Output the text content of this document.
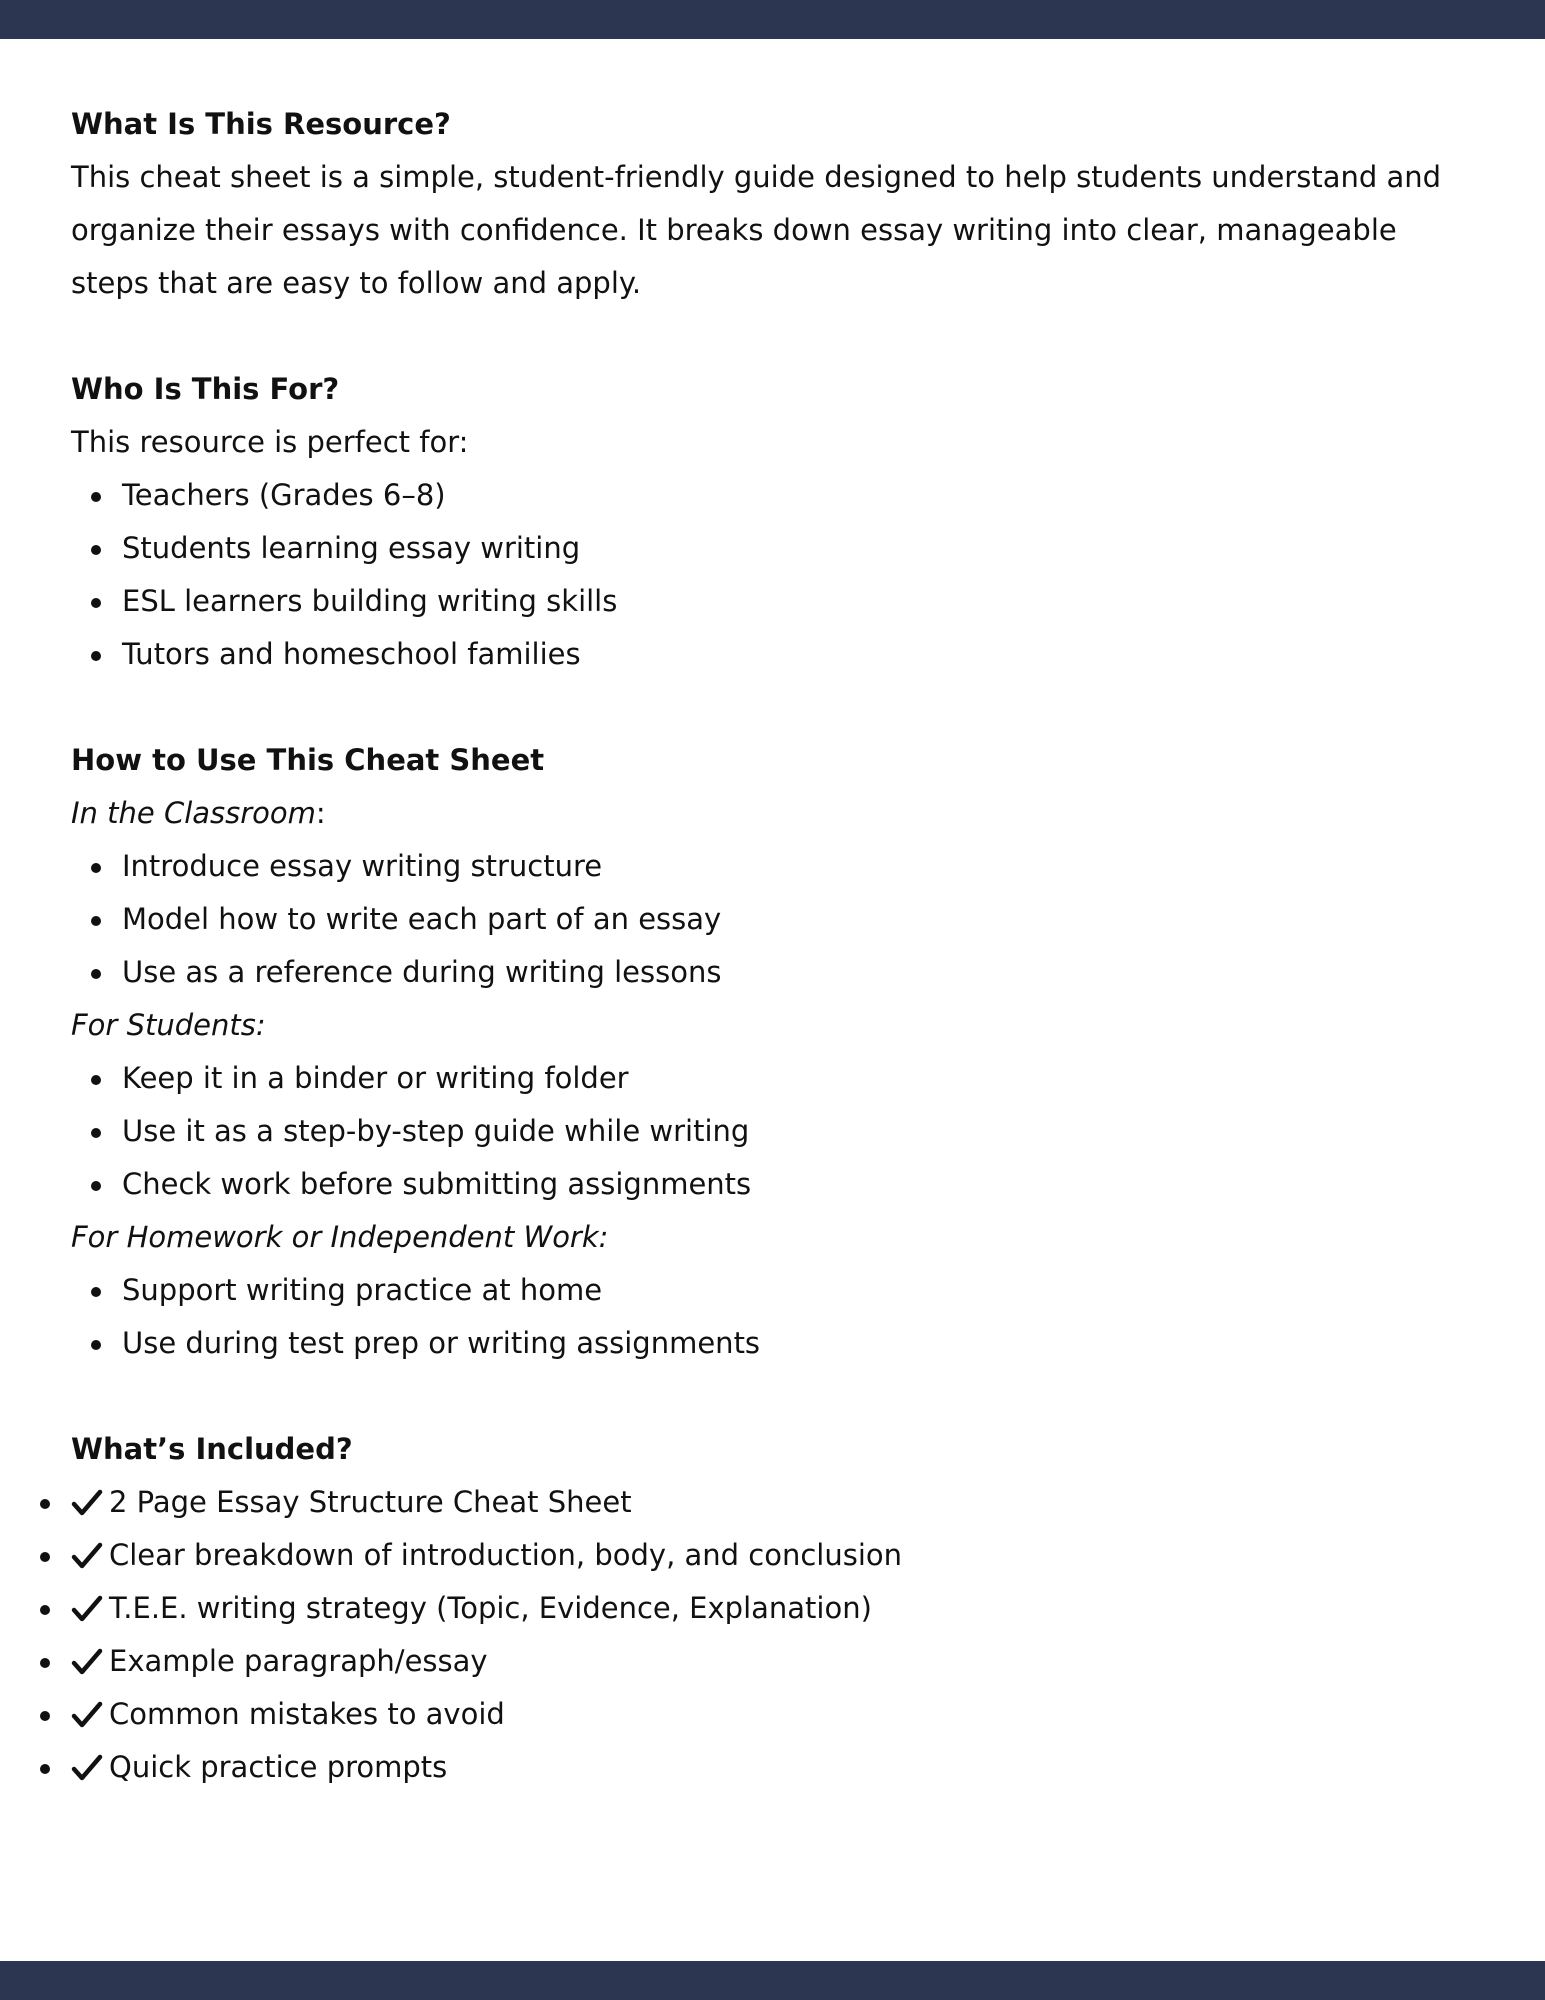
What Is This Resource?

This cheat sheet is a simple, student-friendly guide designed to help students understand and organize their essays with confidence. It breaks down essay writing into clear, manageable steps that are easy to follow and apply.

Who Is This For?

This resource is perfect for:

Teachers (Grades 6–8)
Students learning essay writing
ESL learners building writing skills
Tutors and homeschool families
How to Use This Cheat Sheet

In the Classroom:

Introduce essay writing structure
Model how to write each part of an essay
Use as a reference during writing lessons

For Students:

Keep it in a binder or writing folder
Use it as a step-by-step guide while writing
Check work before submitting assignments

For Homework or Independent Work:

Support writing practice at home
Use during test prep or writing assignments
What’s Included?
2 Page Essay Structure Cheat Sheet
Clear breakdown of introduction, body, and conclusion
T.E.E. writing strategy (Topic, Evidence, Explanation)
Example paragraph/essay
Common mistakes to avoid
Quick practice prompts
